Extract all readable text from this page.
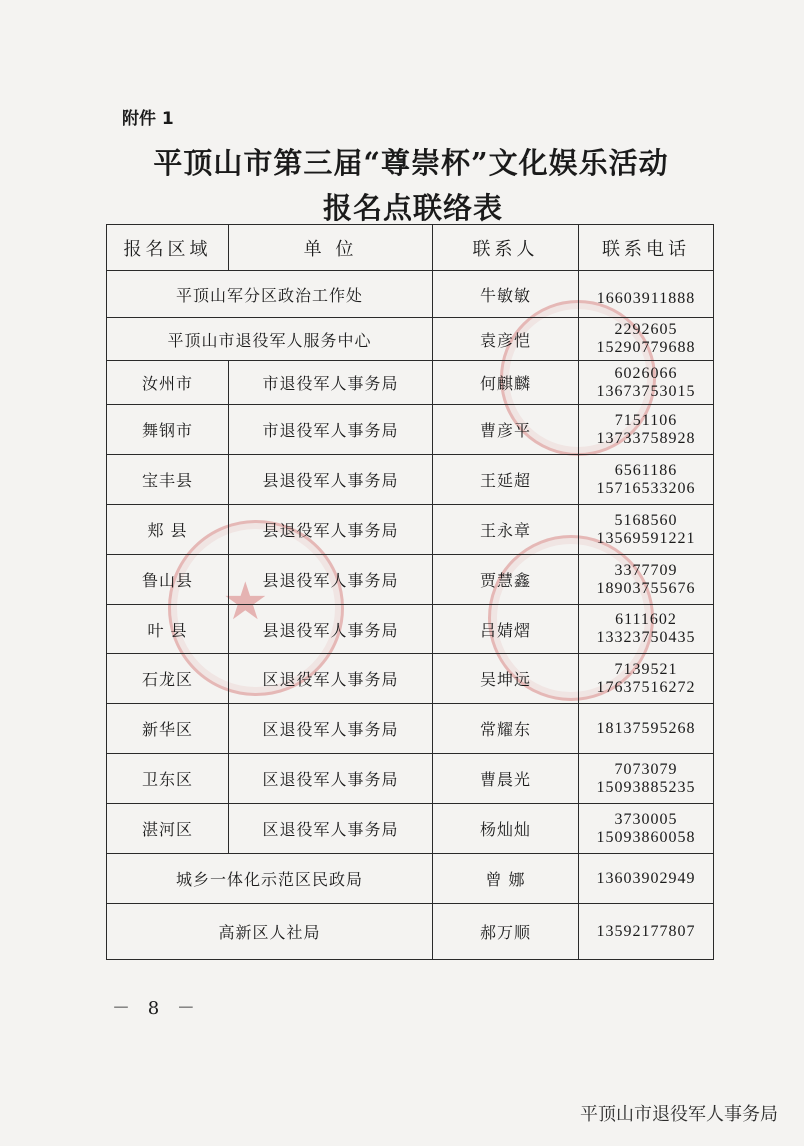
附件 1
平顶山市第三届“尊崇杯”文化娱乐活动
报名点联络表
★
报名区域	单 位	联系人	联系电话
平顶山军分区政治工作处		牛敏敏	16603911888

平顶山市退役军人服务中心		袁彦恺	2292605
15290779688

汝州市	市退役军人事务局	何麒麟	6026066
13673753015

舞钢市	市退役军人事务局	曹彦平	7151106
13733758928

宝丰县	县退役军人事务局	王延超	6561186
15716533206

郏 县	县退役军人事务局	王永章	5168560
13569591221

鲁山县	县退役军人事务局	贾慧鑫	3377709
18903755676

叶 县	县退役军人事务局	吕婧熠	6111602
13323750435

石龙区	区退役军人事务局	吴坤远	7139521
17637516272

新华区	区退役军人事务局	常耀东	18137595268

卫东区	区退役军人事务局	曹晨光	7073079
15093885235

湛河区	区退役军人事务局	杨灿灿	3730005
15093860058

城乡一体化示范区民政局		曾 娜	13603902949

高新区人社局		郝万顺	13592177807
－ 8 －
平顶山市退役军人事务局
